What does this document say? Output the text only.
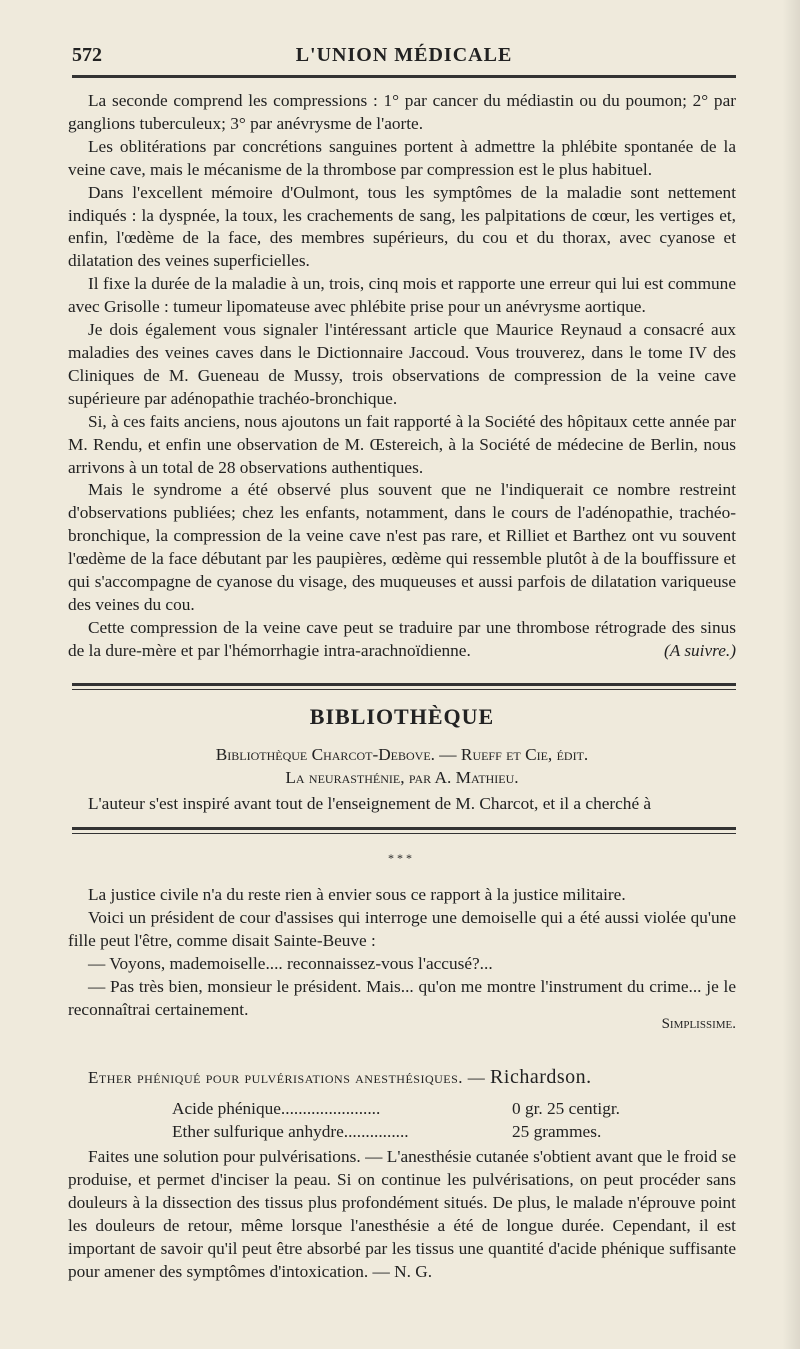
572	L'UNION MÉDICALE

La seconde comprend les compressions : 1° par cancer du médiastin ou du poumon; 2° par ganglions tuberculeux; 3° par anévrysme de l'aorte.

Les oblitérations par concrétions sanguines portent à admettre la phlébite spontanée de la veine cave, mais le mécanisme de la thrombose par compression est le plus habituel.

Dans l'excellent mémoire d'Oulmont, tous les symptômes de la maladie sont nettement indiqués : la dyspnée, la toux, les crachements de sang, les palpitations de cœur, les vertiges et, enfin, l'œdème de la face, des membres supérieurs, du cou et du thorax, avec cyanose et dilatation des veines superficielles.

Il fixe la durée de la maladie à un, trois, cinq mois et rapporte une erreur qui lui est commune avec Grisolle : tumeur lipomateuse avec phlébite prise pour un anévrysme aortique.

Je dois également vous signaler l'intéressant article que Maurice Reynaud a consacré aux maladies des veines caves dans le Dictionnaire Jaccoud. Vous trouverez, dans le tome IV des Cliniques de M. Gueneau de Mussy, trois observations de compression de la veine cave supérieure par adénopathie trachéo-bronchique.

Si, à ces faits anciens, nous ajoutons un fait rapporté à la Société des hôpitaux cette année par M. Rendu, et enfin une observation de M. Œstereich, à la Société de médecine de Berlin, nous arrivons à un total de 28 observations authentiques.

Mais le syndrome a été observé plus souvent que ne l'indiquerait ce nombre restreint d'observations publiées; chez les enfants, notamment, dans le cours de l'adénopathie, trachéo-bronchique, la compression de la veine cave n'est pas rare, et Rilliet et Barthez ont vu souvent l'œdème de la face débutant par les paupières, œdème qui ressemble plutôt à de la bouffissure et qui s'accompagne de cyanose du visage, des muqueuses et aussi parfois de dilatation variqueuse des veines du cou.

Cette compression de la veine cave peut se traduire par une thrombose rétrograde des sinus de la dure-mère et par l'hémorrhagie intra-arachnoïdienne.	(A suivre.)

BIBLIOTHÈQUE
Bibliothèque Charcot-Debove. — Rueff et Cie, édit.
La neurasthénie, par A. Mathieu.

L'auteur s'est inspiré avant tout de l'enseignement de M. Charcot, et il a cherché à

* * *

La justice civile n'a du reste rien à envier sous ce rapport à la justice militaire.

Voici un président de cour d'assises qui interroge une demoiselle qui a été aussi violée qu'une fille peut l'être, comme disait Sainte-Beuve :

— Voyons, mademoiselle.... reconnaissez-vous l'accusé?...

— Pas très bien, monsieur le président. Mais... qu'on me montre l'instrument du crime... je le reconnaîtrai certainement.

Simplissime.
Ether phéniqué pour pulvérisations anesthésiques. — Richardson.
Acide phénique.......................	0 gr. 25 centigr.
Ether sulfurique anhydre...............	25 grammes.

Faites une solution pour pulvérisations. — L'anesthésie cutanée s'obtient avant que le froid se produise, et permet d'inciser la peau. Si on continue les pulvérisations, on peut procéder sans douleurs à la dissection des tissus plus profondément situés. De plus, le malade n'éprouve point les douleurs de retour, même lorsque l'anesthésie a été de longue durée. Cependant, il est important de savoir qu'il peut être absorbé par les tissus une quantité d'acide phénique suffisante pour amener des symptômes d'intoxication. — N. G.
